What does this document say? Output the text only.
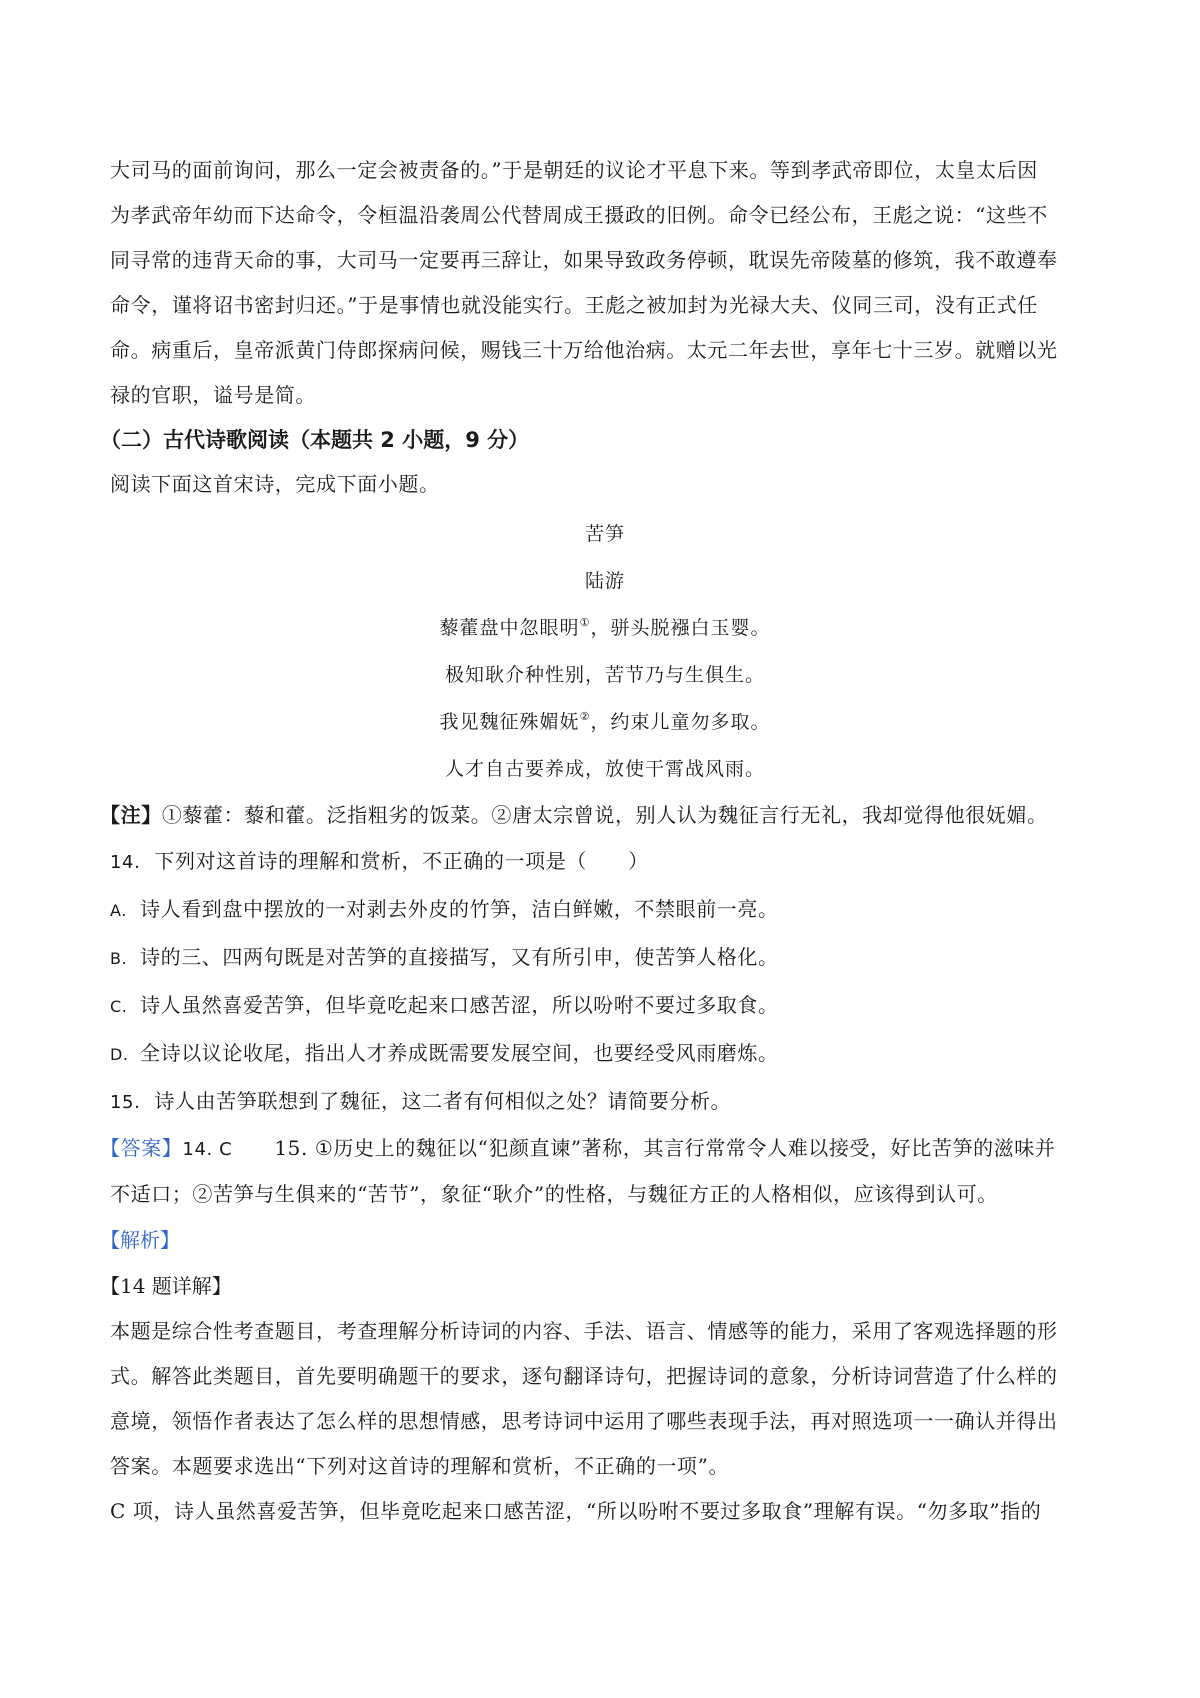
大司马的面前询问，那么一定会被责备的。”于是朝廷的议论才平息下来。等到孝武帝即位，太皇太后因

为孝武帝年幼而下达命令，令桓温沿袭周公代替周成王摄政的旧例。命令已经公布，王彪之说：“这些不

同寻常的违背天命的事，大司马一定要再三辞让，如果导致政务停顿，耽误先帝陵墓的修筑，我不敢遵奉

命令，谨将诏书密封归还。”于是事情也就没能实行。王彪之被加封为光禄大夫、仪同三司，没有正式任

命。病重后，皇帝派黄门侍郎探病问候，赐钱三十万给他治病。太元二年去世，享年七十三岁。就赠以光

禄的官职，谥号是简。

（二）古代诗歌阅读（本题共 2 小题，9 分）

阅读下面这首宋诗，完成下面小题。

苦笋

陆游

藜藿盘中忽眼明①，骈头脱襁白玉婴。

极知耿介种性别，苦节乃与生俱生。

我见魏征殊媚妩②，约束儿童勿多取。

人才自古要养成，放使干霄战风雨。

【注】①藜藿：藜和藿。泛指粗劣的饭菜。②唐太宗曾说，别人认为魏征言行无礼，我却觉得他很妩媚。

14. 下列对这首诗的理解和赏析，不正确的一项是（　　）

A. 诗人看到盘中摆放的一对剥去外皮的竹笋，洁白鲜嫩，不禁眼前一亮。

B. 诗的三、四两句既是对苦笋的直接描写，又有所引申，使苦笋人格化。

C. 诗人虽然喜爱苦笋，但毕竟吃起来口感苦涩，所以吩咐不要过多取食。

D. 全诗以议论收尾，指出人才养成既需要发展空间，也要经受风雨磨炼。

15. 诗人由苦笋联想到了魏征，这二者有何相似之处？请简要分析。

【答案】14. C 15. ①历史上的魏征以“犯颜直谏”著称，其言行常常令人难以接受，好比苦笋的滋味并

不适口；②苦笋与生俱来的“苦节”，象征“耿介”的性格，与魏征方正的人格相似，应该得到认可。

【解析】

【14 题详解】

本题是综合性考查题目，考查理解分析诗词的内容、手法、语言、情感等的能力，采用了客观选择题的形

式。解答此类题目，首先要明确题干的要求，逐句翻译诗句，把握诗词的意象，分析诗词营造了什么样的

意境，领悟作者表达了怎么样的思想情感，思考诗词中运用了哪些表现手法，再对照选项一一确认并得出

答案。本题要求选出“下列对这首诗的理解和赏析，不正确的一项”。

C 项，诗人虽然喜爱苦笋，但毕竟吃起来口感苦涩，“所以吩咐不要过多取食”理解有误。“勿多取”指的
